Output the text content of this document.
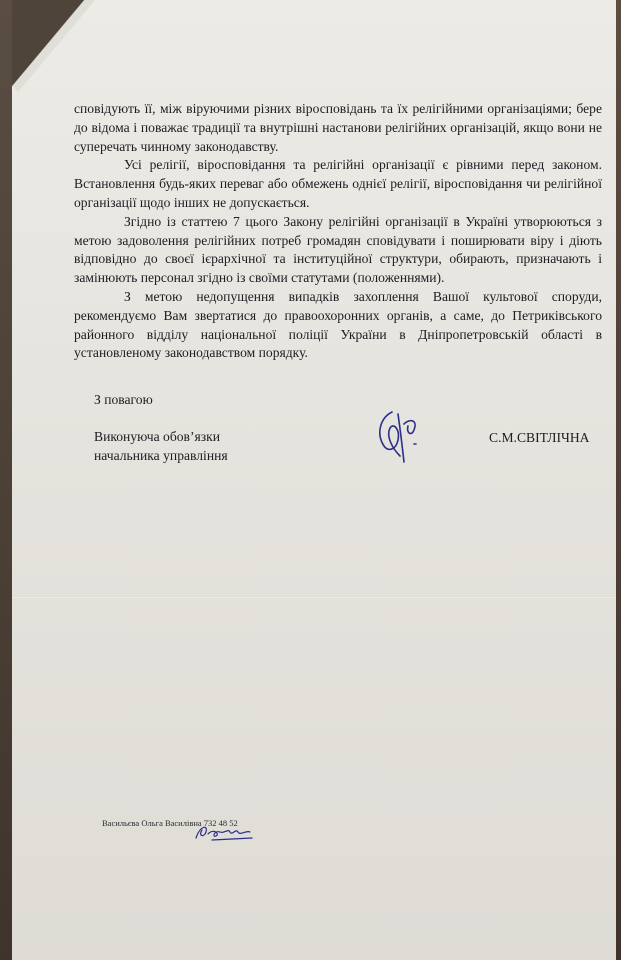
сповідують її, між віруючими різних віросповідань та їх релігійними організаціями; бере до відома і поважає традиції та внутрішні настанови релігійних організацій, якщо вони не суперечать чинному законодавству.

Усі релігії, віросповідання та релігійні організації є рівними перед законом. Встановлення будь-яких переваг або обмежень однієї релігії, віросповідання чи релігійної організації щодо інших не допускається.

Згідно із статтею 7 цього Закону релігійні організації в Україні утворюються з метою задоволення релігійних потреб громадян сповідувати і поширювати віру і діють відповідно до своєї ієрархічної та інституційної структури, обирають, призначають і замінюють персонал згідно із своїми статутами (положеннями).

З метою недопущення випадків захоплення Вашої культової споруди, рекомендуємо Вам звертатися до правоохоронних органів, а саме, до Петриківського районного відділу національної поліції України в Дніпропетровській області в установленому законодавством порядку.

З повагою
Виконуюча обов’язки
начальника управління
С.М.СВІТЛІЧНА
Васильєва Ольга Василівна 732 48 52
